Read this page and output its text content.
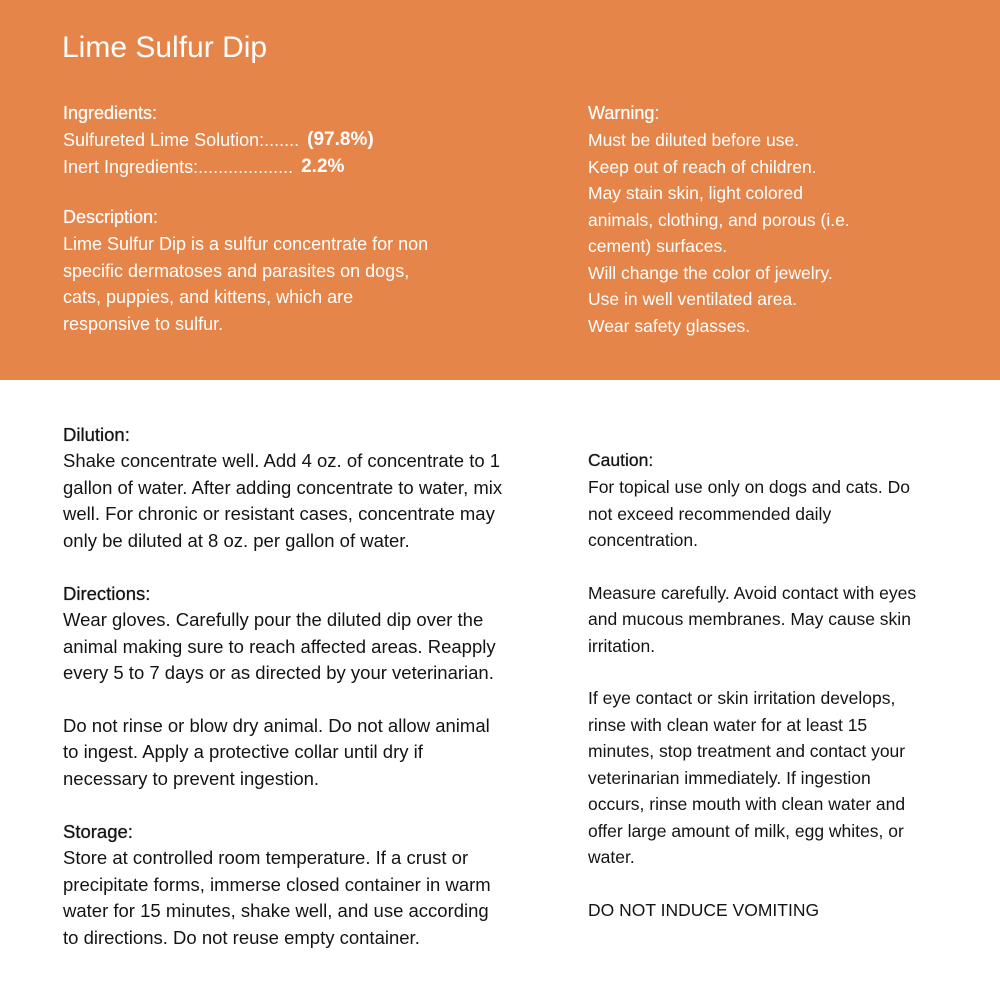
Lime Sulfur Dip
Ingredients:
Sulfureted Lime Solution:....... (97.8%)
Inert Ingredients:................... 2.2%
Description:
Lime Sulfur Dip is a sulfur concentrate for non
specific dermatoses and parasites on dogs,
cats, puppies, and kittens, which are
responsive to sulfur.
Warning:
Must be diluted before use.
Keep out of reach of children.
May stain skin, light colored
animals, clothing, and porous (i.e.
cement) surfaces.
Will change the color of jewelry.
Use in well ventilated area.
Wear safety glasses.
Dilution:
Shake concentrate well. Add 4 oz. of concentrate to 1
gallon of water. After adding concentrate to water, mix
well. For chronic or resistant cases, concentrate may
only be diluted at 8 oz. per gallon of water.
Directions:
Wear gloves. Carefully pour the diluted dip over the
animal making sure to reach affected areas. Reapply
every 5 to 7 days or as directed by your veterinarian.
Do not rinse or blow dry animal. Do not allow animal
to ingest. Apply a protective collar until dry if
necessary to prevent ingestion.
Storage:
Store at controlled room temperature. If a crust or
precipitate forms, immerse closed container in warm
water for 15 minutes, shake well, and use according
to directions. Do not reuse empty container.
Caution:
For topical use only on dogs and cats. Do
not exceed recommended daily
concentration.
Measure carefully. Avoid contact with eyes
and mucous membranes. May cause skin
irritation.
If eye contact or skin irritation develops,
rinse with clean water for at least 15
minutes, stop treatment and contact your
veterinarian immediately. If ingestion
occurs, rinse mouth with clean water and
offer large amount of milk, egg whites, or
water.
DO NOT INDUCE VOMITING
